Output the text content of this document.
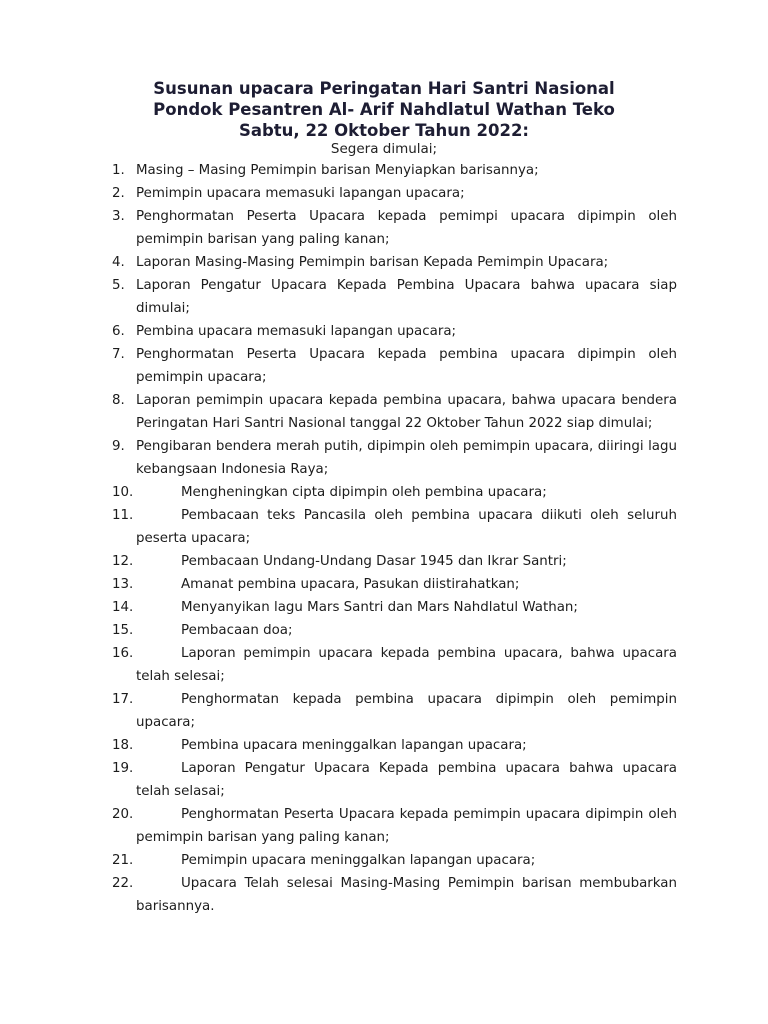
Susunan upacara Peringatan Hari Santri Nasional
Pondok Pesantren Al- Arif Nahdlatul Wathan Teko
Sabtu, 22 Oktober Tahun 2022:
Segera dimulai;
1. Masing – Masing Pemimpin barisan Menyiapkan barisannya;
2. Pemimpin upacara memasuki lapangan upacara;
3. Penghormatan Peserta Upacara kepada pemimpi upacara dipimpin oleh pemimpin barisan yang paling kanan;
4. Laporan Masing-Masing Pemimpin barisan Kepada Pemimpin Upacara;
5. Laporan Pengatur Upacara Kepada Pembina Upacara bahwa upacara siap dimulai;
6. Pembina upacara memasuki lapangan upacara;
7. Penghormatan Peserta Upacara kepada pembina upacara dipimpin oleh pemimpin upacara;
8. Laporan pemimpin upacara kepada pembina upacara, bahwa upacara bendera Peringatan Hari Santri Nasional tanggal 22 Oktober Tahun 2022 siap dimulai;
9. Pengibaran bendera merah putih, dipimpin oleh pemimpin upacara, diiringi lagu kebangsaan Indonesia Raya;
10.	Mengheningkan cipta dipimpin oleh pembina upacara;
11.	Pembacaan teks Pancasila oleh pembina upacara diikuti oleh seluruh peserta upacara;
12.	Pembacaan Undang-Undang Dasar 1945 dan Ikrar Santri;
13.	Amanat pembina upacara, Pasukan diistirahatkan;
14.	Menyanyikan lagu Mars Santri dan Mars Nahdlatul Wathan;
15.	Pembacaan doa;
16.	Laporan pemimpin upacara kepada pembina upacara, bahwa upacara telah selesai;
17.	Penghormatan kepada pembina upacara dipimpin oleh pemimpin upacara;
18.	Pembina upacara meninggalkan lapangan upacara;
19.	Laporan Pengatur Upacara Kepada pembina upacara bahwa upacara telah selasai;
20.	Penghormatan Peserta Upacara kepada pemimpin upacara dipimpin oleh pemimpin barisan yang paling kanan;
21.	Pemimpin upacara meninggalkan lapangan upacara;
22.	Upacara Telah selesai Masing-Masing Pemimpin barisan membubarkan barisannya.
